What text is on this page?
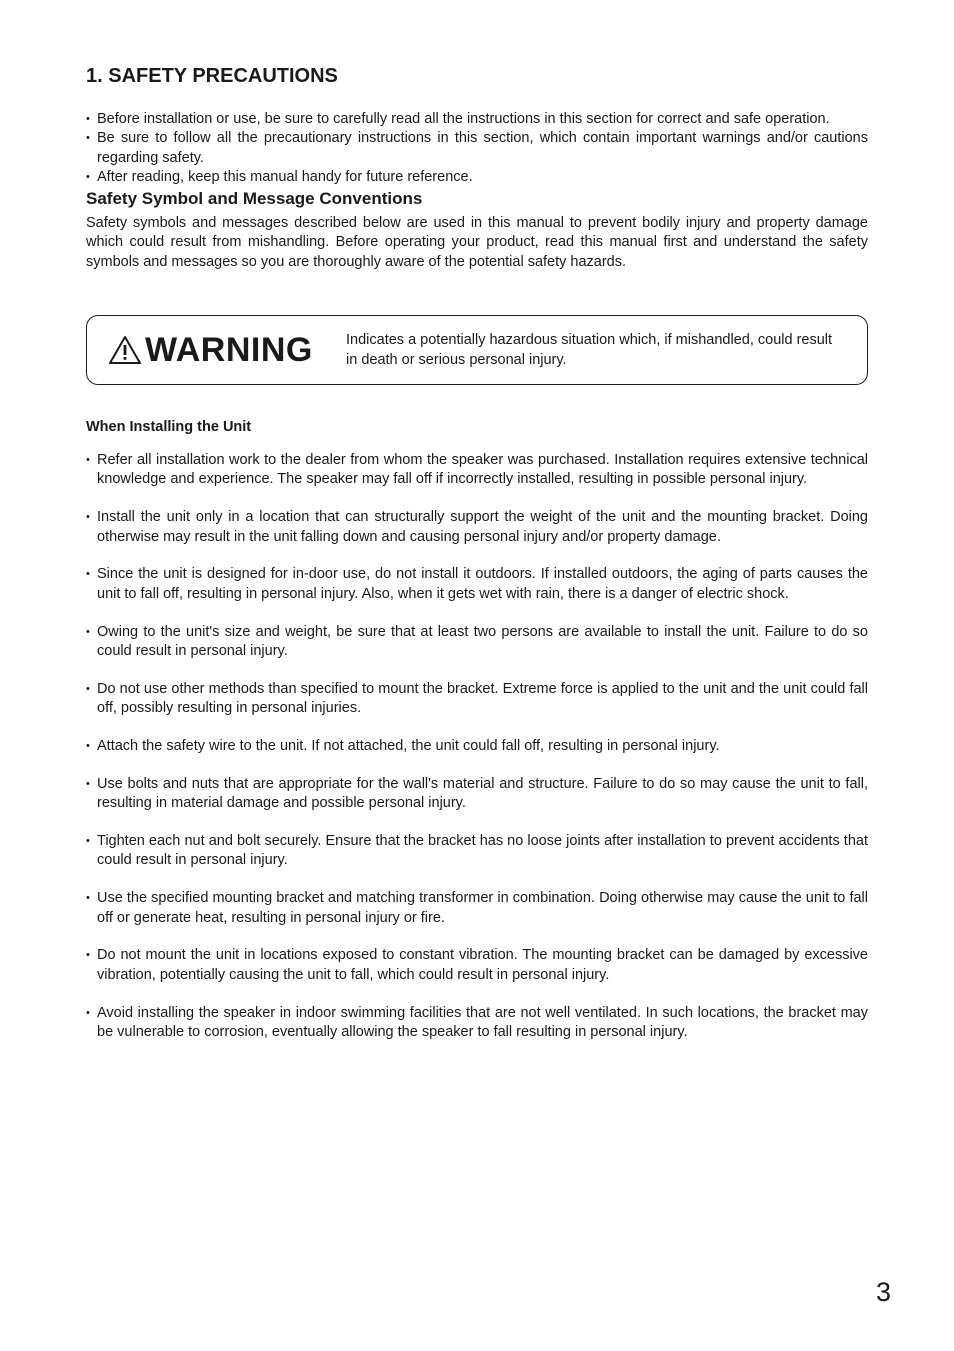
1. SAFETY PRECAUTIONS
• Before installation or use, be sure to carefully read all the instructions in this section for correct and safe operation.
• Be sure to follow all the precautionary instructions in this section, which contain important warnings and/or cautions regarding safety.
• After reading, keep this manual handy for future reference.
Safety Symbol and Message Conventions

Safety symbols and messages described below are used in this manual to prevent bodily injury and property damage which could result from mishandling. Before operating your product, read this manual first and understand the safety symbols and messages so you are thoroughly aware of the potential safety hazards.

WARNING Indicates a potentially hazardous situation which, if mishandled, could result in death or serious personal injury.
When Installing the Unit
• Refer all installation work to the dealer from whom the speaker was purchased. Installation requires extensive technical knowledge and experience. The speaker may fall off if incorrectly installed, resulting in possible personal injury.
• Install the unit only in a location that can structurally support the weight of the unit and the mounting bracket. Doing otherwise may result in the unit falling down and causing personal injury and/or property damage.
• Since the unit is designed for in-door use, do not install it outdoors. If installed outdoors, the aging of parts causes the unit to fall off, resulting in personal injury. Also, when it gets wet with rain, there is a danger of electric shock.
• Owing to the unit's size and weight, be sure that at least two persons are available to install the unit. Failure to do so could result in personal injury.
• Do not use other methods than specified to mount the bracket. Extreme force is applied to the unit and the unit could fall off, possibly resulting in personal injuries.
• Attach the safety wire to the unit. If not attached, the unit could fall off, resulting in personal injury.
• Use bolts and nuts that are appropriate for the wall's material and structure. Failure to do so may cause the unit to fall, resulting in material damage and possible personal injury.
• Tighten each nut and bolt securely. Ensure that the bracket has no loose joints after installation to prevent accidents that could result in personal injury.
• Use the specified mounting bracket and matching transformer in combination. Doing otherwise may cause the unit to fall off or generate heat, resulting in personal injury or fire.
• Do not mount the unit in locations exposed to constant vibration. The mounting bracket can be damaged by excessive vibration, potentially causing the unit to fall, which could result in personal injury.
• Avoid installing the speaker in indoor swimming facilities that are not well ventilated. In such locations, the bracket may be vulnerable to corrosion, eventually allowing the speaker to fall resulting in personal injury.
3
